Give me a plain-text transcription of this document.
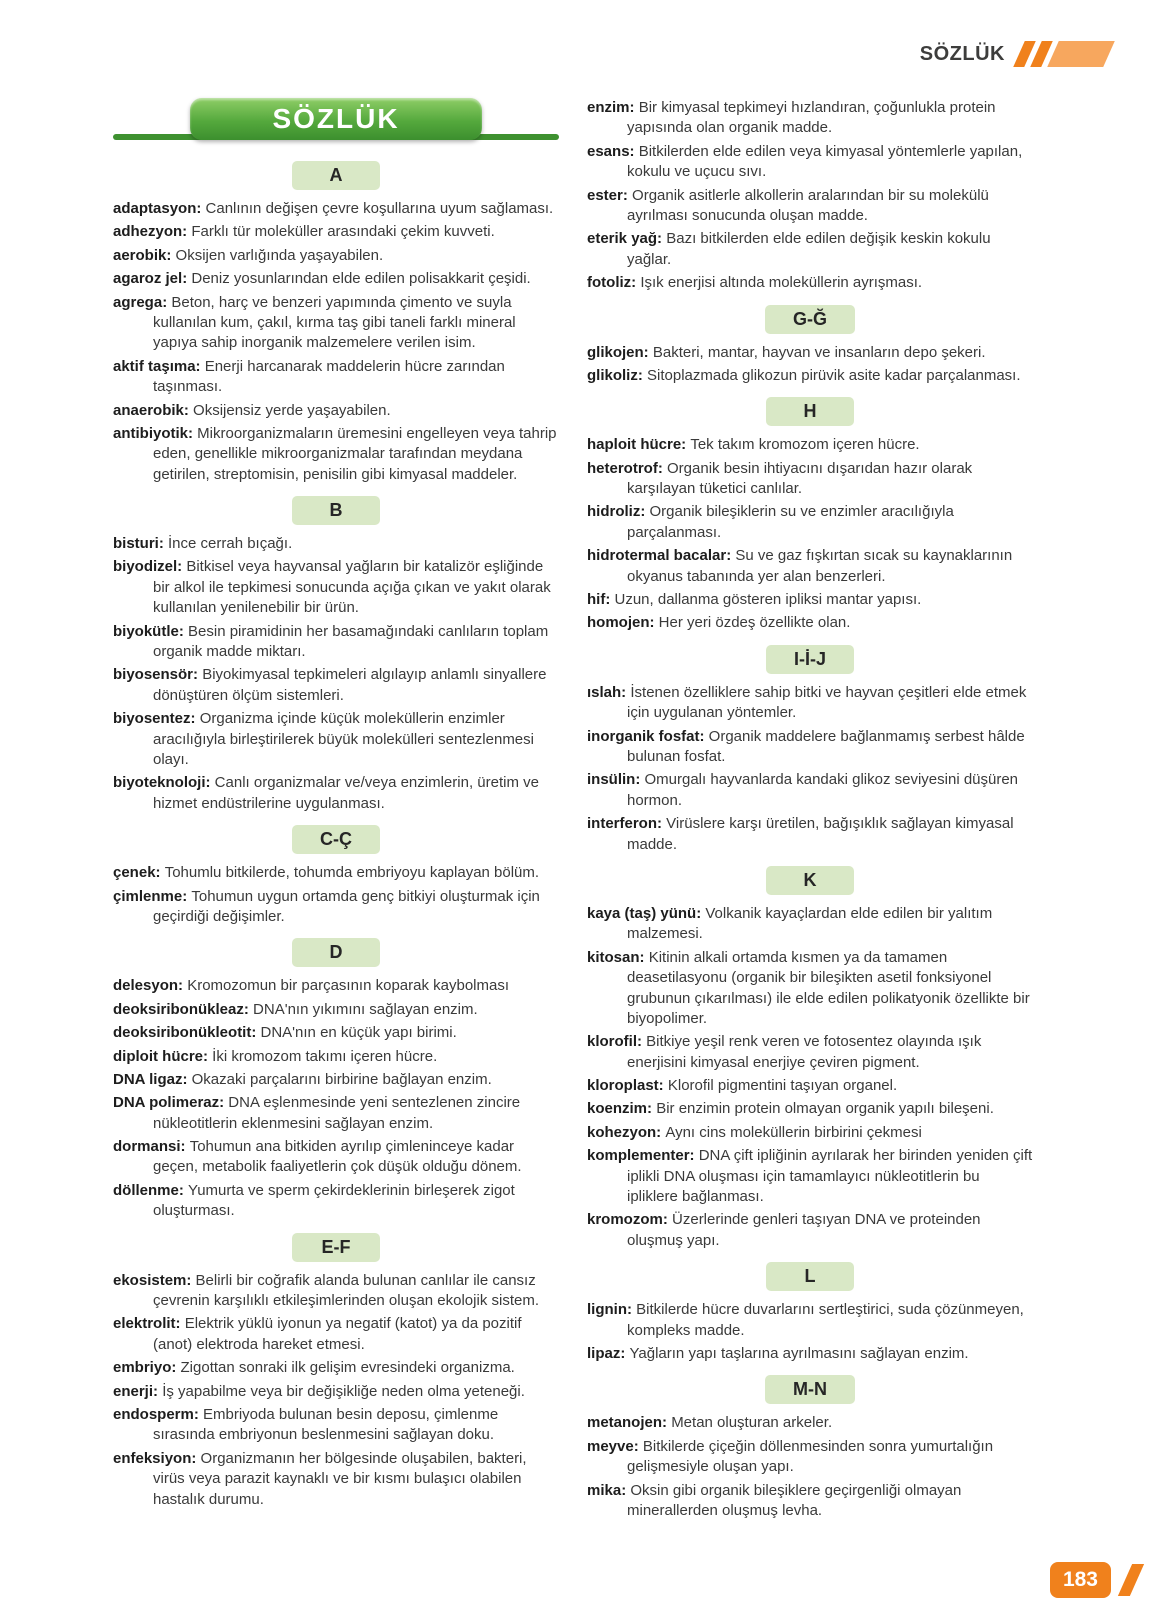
SÖZLÜK
SÖZLÜK
A

adaptasyon: Canlının değişen çevre koşullarına uyum sağlaması.

adhezyon: Farklı tür moleküller arasındaki çekim kuvveti.

aerobik: Oksijen varlığında yaşayabilen.

agaroz jel: Deniz yosunlarından elde edilen polisakkarit çeşidi.

agrega: Beton, harç ve benzeri yapımında çimento ve suyla kullanılan kum, çakıl, kırma taş gibi taneli farklı mineral yapıya sahip inorganik malzemelere verilen isim.

aktif taşıma: Enerji harcanarak maddelerin hücre zarından taşınması.

anaerobik: Oksijensiz yerde yaşayabilen.

antibiyotik: Mikroorganizmaların üremesini engelleyen veya tahrip eden, genellikle mikroorganizmalar tarafından meydana getirilen, streptomisin, penisilin gibi kimyasal maddeler.

B

bisturi: İnce cerrah bıçağı.

biyodizel: Bitkisel veya hayvansal yağların bir katalizör eşliğinde bir alkol ile tepkimesi sonucunda açığa çıkan ve yakıt olarak kullanılan yenilenebilir bir ürün.

biyokütle: Besin piramidinin her basamağındaki canlıların toplam organik madde miktarı.

biyosensör: Biyokimyasal tepkimeleri algılayıp anlamlı sinyallere dönüştüren ölçüm sistemleri.

biyosentez: Organizma içinde küçük moleküllerin enzimler aracılığıyla birleştirilerek büyük molekülleri sentezlenmesi olayı.

biyoteknoloji: Canlı organizmalar ve/veya enzimlerin, üretim ve hizmet endüstrilerine uygulanması.

C-Ç

çenek: Tohumlu bitkilerde, tohumda embriyoyu kaplayan bölüm.

çimlenme: Tohumun uygun ortamda genç bitkiyi oluşturmak için geçirdiği değişimler.

D

delesyon: Kromozomun bir parçasının koparak kaybolması

deoksiribonükleaz: DNA'nın yıkımını sağlayan enzim.

deoksiribonükleotit: DNA'nın en küçük yapı birimi.

diploit hücre: İki kromozom takımı içeren hücre.

DNA ligaz: Okazaki parçalarını birbirine bağlayan enzim.

DNA polimeraz: DNA eşlenmesinde yeni sentezlenen zincire nükleotitlerin eklenmesini sağlayan enzim.

dormansi: Tohumun ana bitkiden ayrılıp çimleninceye kadar geçen, metabolik faaliyetlerin çok düşük olduğu dönem.

döllenme: Yumurta ve sperm çekirdeklerinin birleşerek zigot oluşturması.

E-F

ekosistem: Belirli bir coğrafik alanda bulunan canlılar ile cansız çevrenin karşılıklı etkileşimlerinden oluşan ekolojik sistem.

elektrolit: Elektrik yüklü iyonun ya negatif (katot) ya da pozitif (anot) elektroda hareket etmesi.

embriyo: Zigottan sonraki ilk gelişim evresindeki organizma.

enerji: İş yapabilme veya bir değişikliğe neden olma yeteneği.

endosperm: Embriyoda bulunan besin deposu, çimlenme sırasında embriyonun beslenmesini sağlayan doku.

enfeksiyon: Organizmanın her bölgesinde oluşabilen, bakteri, virüs veya parazit kaynaklı ve bir kısmı bulaşıcı olabilen hastalık durumu.

enzim: Bir kimyasal tepkimeyi hızlandıran, çoğunlukla protein yapısında olan organik madde.

esans: Bitkilerden elde edilen veya kimyasal yöntemlerle yapılan, kokulu ve uçucu sıvı.

ester: Organik asitlerle alkollerin aralarından bir su molekülü ayrılması sonucunda oluşan madde.

eterik yağ: Bazı bitkilerden elde edilen değişik keskin kokulu yağlar.

fotoliz: Işık enerjisi altında moleküllerin ayrışması.

G-Ğ

glikojen: Bakteri, mantar, hayvan ve insanların depo şekeri.

glikoliz: Sitoplazmada glikozun pirüvik asite kadar parçalanması.

H

haploit hücre: Tek takım kromozom içeren hücre.

heterotrof: Organik besin ihtiyacını dışarıdan hazır olarak karşılayan tüketici canlılar.

hidroliz: Organik bileşiklerin su ve enzimler aracılığıyla parçalanması.

hidrotermal bacalar: Su ve gaz fışkırtan sıcak su kaynaklarının okyanus tabanında yer alan benzerleri.

hif: Uzun, dallanma gösteren ipliksi mantar yapısı.

homojen: Her yeri özdeş özellikte olan.

I-İ-J

ıslah: İstenen özelliklere sahip bitki ve hayvan çeşitleri elde etmek için uygulanan yöntemler.

inorganik fosfat: Organik maddelere bağlanmamış serbest hâlde bulunan fosfat.

insülin: Omurgalı hayvanlarda kandaki glikoz seviyesini düşüren hormon.

interferon: Virüslere karşı üretilen, bağışıklık sağlayan kimyasal madde.

K

kaya (taş) yünü: Volkanik kayaçlardan elde edilen bir yalıtım malzemesi.

kitosan: Kitinin alkali ortamda kısmen ya da tamamen deasetilasyonu (organik bir bileşikten asetil fonksiyonel grubunun çıkarılması) ile elde edilen polikatyonik özellikte bir biyopolimer.

klorofil: Bitkiye yeşil renk veren ve fotosentez olayında ışık enerjisini kimyasal enerjiye çeviren pigment.

kloroplast: Klorofil pigmentini taşıyan organel.

koenzim: Bir enzimin protein olmayan organik yapılı bileşeni.

kohezyon: Aynı cins moleküllerin birbirini çekmesi

komplementer: DNA çift ipliğinin ayrılarak her birinden yeniden çift iplikli DNA oluşması için tamamlayıcı nükleotitlerin bu ipliklere bağlanması.

kromozom: Üzerlerinde genleri taşıyan DNA ve proteinden oluşmuş yapı.

L

lignin: Bitkilerde hücre duvarlarını sertleştirici, suda çözünmeyen, kompleks madde.

lipaz: Yağların yapı taşlarına ayrılmasını sağlayan enzim.

M-N

metanojen: Metan oluşturan arkeler.

meyve: Bitkilerde çiçeğin döllenmesinden sonra yumurtalığın gelişmesiyle oluşan yapı.

mika: Oksin gibi organik bileşiklere geçirgenliği olmayan minerallerden oluşmuş levha.

183
